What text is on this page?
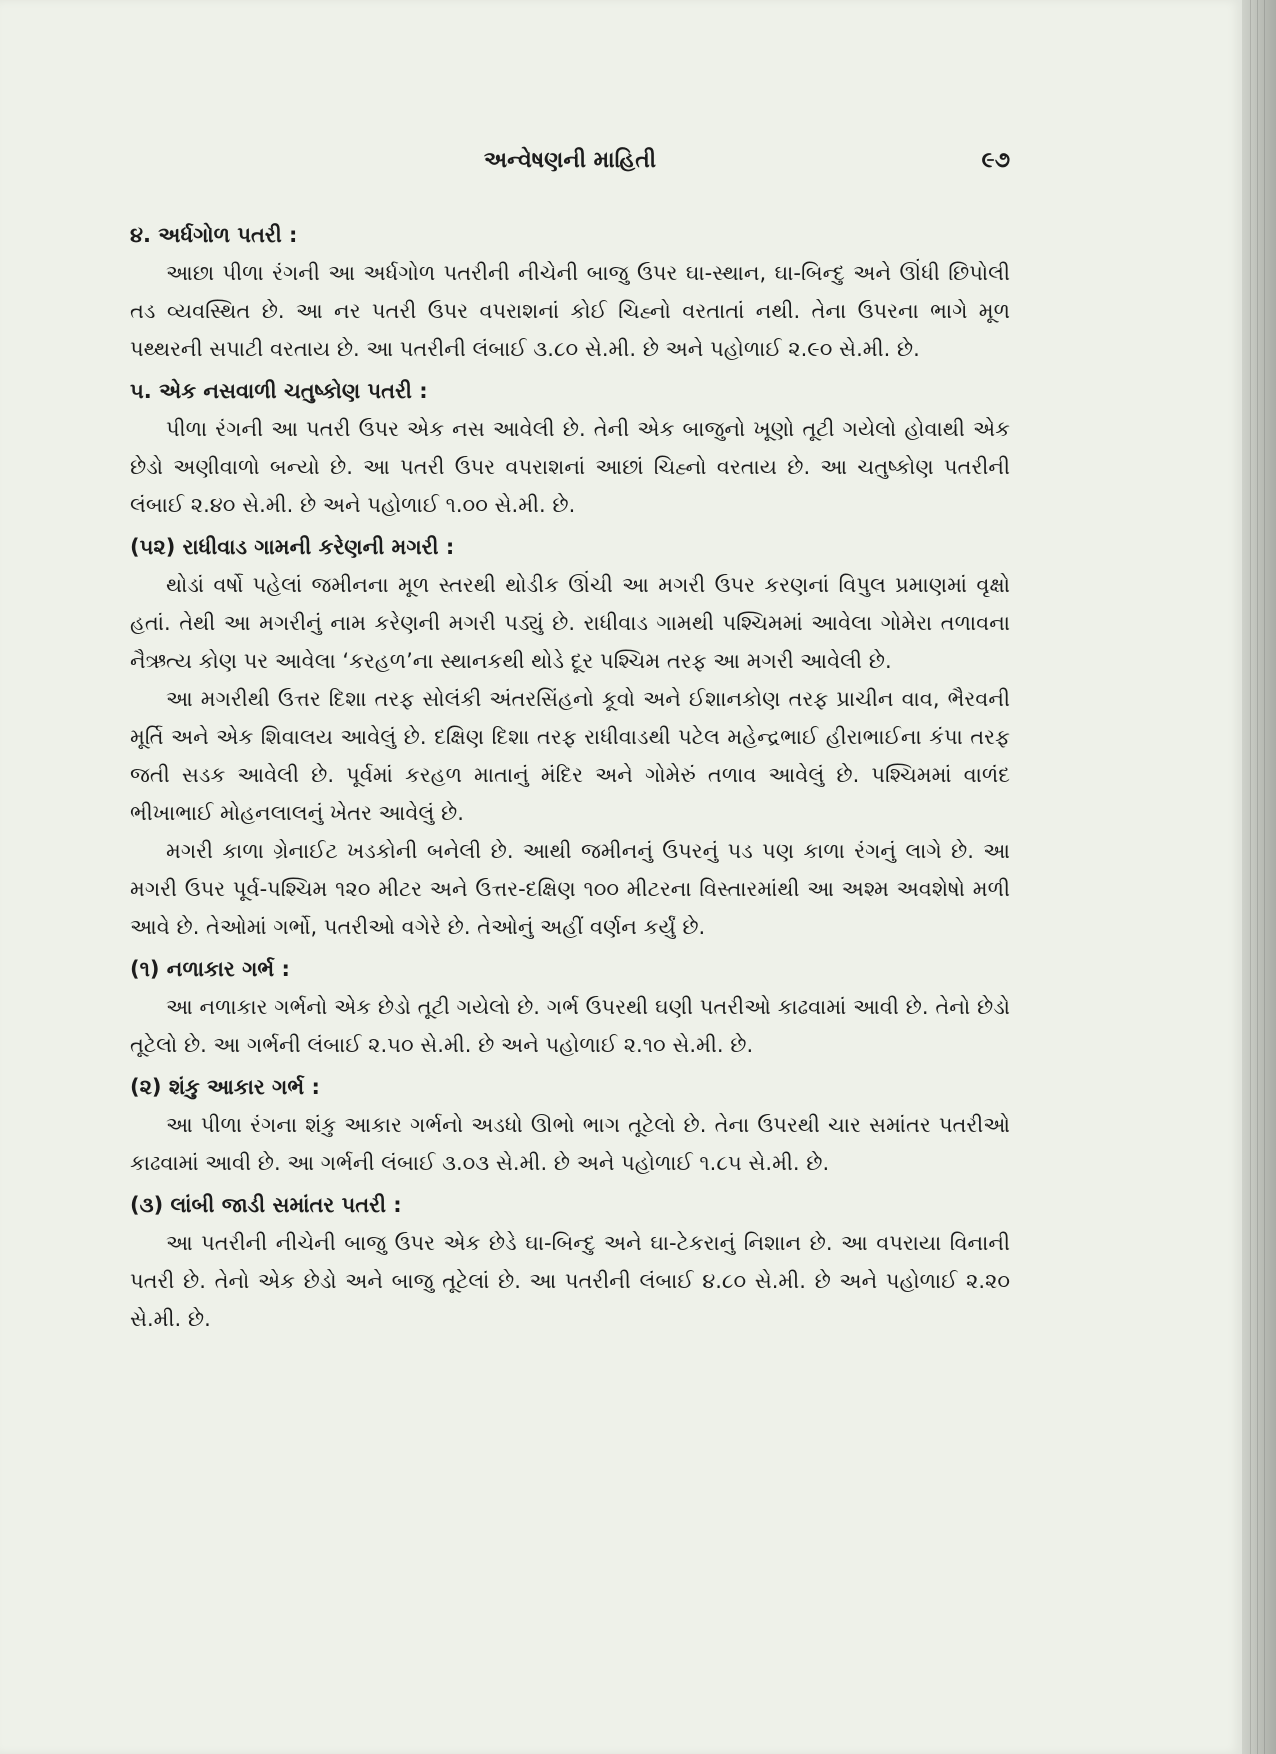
અન્વેષણની માહિતી	૯૭
૪. અર્ધગોળ પતરી :

આછા પીળા રંગની આ અર્ધગોળ પતરીની નીચેની બાજુ ઉપર ઘા-સ્થાન, ઘા-બિન્દુ અને ઊંધી છિપોલી તડ વ્યવસ્થિત છે. આ નર પતરી ઉપર વપરાશનાં કોઈ ચિહ્નો વરતાતાં નથી. તેના ઉપરના ભાગે મૂળ પથ્થરની સપાટી વરતાય છે. આ પતરીની લંબાઈ ૩.૮૦ સે.મી. છે અને પહોળાઈ ૨.૯૦ સે.મી. છે.

૫. એક નસવાળી ચતુષ્કોણ પતરી :

પીળા રંગની આ પતરી ઉપર એક નસ આવેલી છે. તેની એક બાજુનો ખૂણો તૂટી ગયેલો હોવાથી એક છેડો અણીવાળો બન્યો છે. આ પતરી ઉપર વપરાશનાં આછાં ચિહ્નો વરતાય છે. આ ચતુષ્કોણ પતરીની લંબાઈ ૨.૪૦ સે.મી. છે અને પહોળાઈ ૧.૦૦ સે.મી. છે.

(૫૨) રાધીવાડ ગામની કરેણની મગરી :

થોડાં વર્ષો પહેલાં જમીનના મૂળ સ્તરથી થોડીક ઊંચી આ મગરી ઉપર કરણનાં વિપુલ પ્રમાણમાં વૃક્ષો હતાં. તેથી આ મગરીનું નામ કરેણની મગરી પડ્યું છે. રાધીવાડ ગામથી પશ્ચિમમાં આવેલા ગોમેરા તળાવના નૈઋત્ય કોણ પર આવેલા ‘કરહળ’ના સ્થાનકથી થોડે દૂર પશ્ચિમ તરફ આ મગરી આવેલી છે.

આ મગરીથી ઉત્તર દિશા તરફ સોલંકી અંતરસિંહનો કૂવો અને ઈશાનકોણ તરફ પ્રાચીન વાવ, ભૈરવની મૂર્તિ અને એક શિવાલય આવેલું છે. દક્ષિણ દિશા તરફ રાધીવાડથી પટેલ મહેન્દ્રભાઈ હીરાભાઈના કંપા તરફ જતી સડક આવેલી છે. પૂર્વમાં કરહળ માતાનું મંદિર અને ગોમેરું તળાવ આવેલું છે. પશ્ચિમમાં વાળંદ ભીખાભાઈ મોહનલાલનું ખેતર આવેલું છે.

મગરી કાળા ગ્રેનાઈટ ખડકોની બનેલી છે. આથી જમીનનું ઉપરનું પડ પણ કાળા રંગનું લાગે છે. આ મગરી ઉપર પૂર્વ-પશ્ચિમ ૧૨૦ મીટર અને ઉત્તર-દક્ષિણ ૧૦૦ મીટરના વિસ્તારમાંથી આ અશ્મ અવશેષો મળી આવે છે. તેઓમાં ગર્ભો, પતરીઓ વગેરે છે. તેઓનું અહીં વર્ણન કર્યું છે.

(૧) નળાકાર ગર્ભ :

આ નળાકાર ગર્ભનો એક છેડો તૂટી ગયેલો છે. ગર્ભ ઉપરથી ઘણી પતરીઓ કાઢવામાં આવી છે. તેનો છેડો તૂટેલો છે. આ ગર્ભની લંબાઈ ૨.૫૦ સે.મી. છે અને પહોળાઈ ૨.૧૦ સે.મી. છે.

(૨) શંકુ આકાર ગર્ભ :

આ પીળા રંગના શંકુ આકાર ગર્ભનો અડધો ઊભો ભાગ તૂટેલો છે. તેના ઉપરથી ચાર સમાંતર પતરીઓ કાઢવામાં આવી છે. આ ગર્ભની લંબાઈ ૩.૦૩ સે.મી. છે અને પહોળાઈ ૧.૮૫ સે.મી. છે.

(૩) લાંબી જાડી સમાંતર પતરી :

આ પતરીની નીચેની બાજુ ઉપર એક છેડે ઘા-બિન્દુ અને ઘા-ટેકરાનું નિશાન છે. આ વપરાયા વિનાની પતરી છે. તેનો એક છેડો અને બાજુ તૂટેલાં છે. આ પતરીની લંબાઈ ૪.૮૦ સે.મી. છે અને પહોળાઈ ૨.૨૦ સે.મી. છે.
